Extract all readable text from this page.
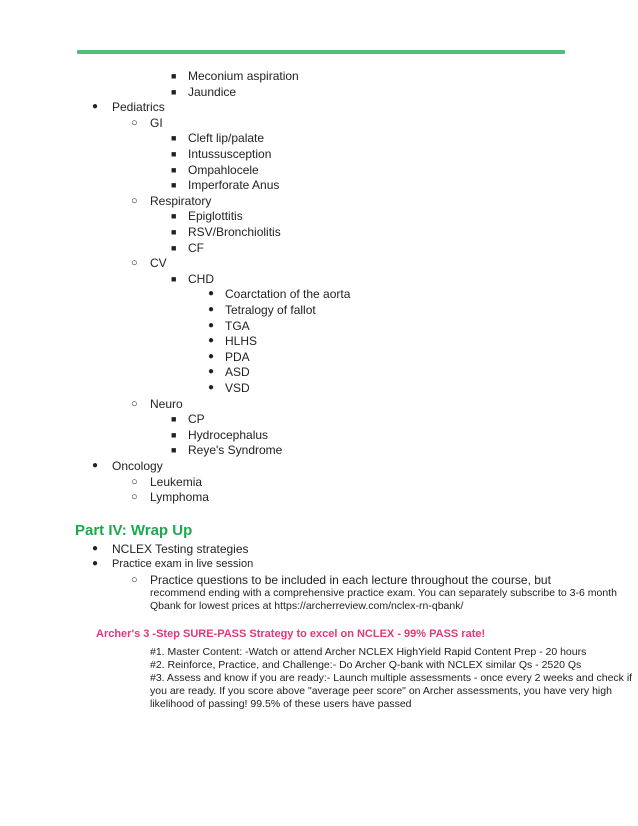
■ Meconium aspiration
■ Jaundice
● Pediatrics
○ GI
■ Cleft lip/palate
■ Intussusception
■ Ompahlocele
■ Imperforate Anus
○ Respiratory
■ Epiglottitis
■ RSV/Bronchiolitis
■ CF
○ CV
■ CHD
● Coarctation of the aorta
● Tetralogy of fallot
● TGA
● HLHS
● PDA
● ASD
● VSD
○ Neuro
■ CP
■ Hydrocephalus
■ Reye's Syndrome
● Oncology
○ Leukemia
○ Lymphoma
Part IV: Wrap Up
● NCLEX Testing strategies
● Practice exam in live session
○ Practice questions to be included in each lecture throughout the course, but
recommend ending with a comprehensive practice exam. You can separately subscribe to 3-6 month
Qbank for lowest prices at https://archerreview.com/nclex-rn-qbank/
Archer's 3 -Step SURE-PASS Strategy to excel on NCLEX - 99% PASS rate!
#1. Master Content: -Watch or attend Archer NCLEX HighYield Rapid Content Prep - 20 hours
#2. Reinforce, Practice, and Challenge:- Do Archer Q-bank with NCLEX similar Qs - 2520 Qs
#3. Assess and know if you are ready:- Launch multiple assessments - once every 2 weeks and check if
you are ready. If you score above "average peer score" on Archer assessments, you have very high
likelihood of passing! 99.5% of these users have passed
